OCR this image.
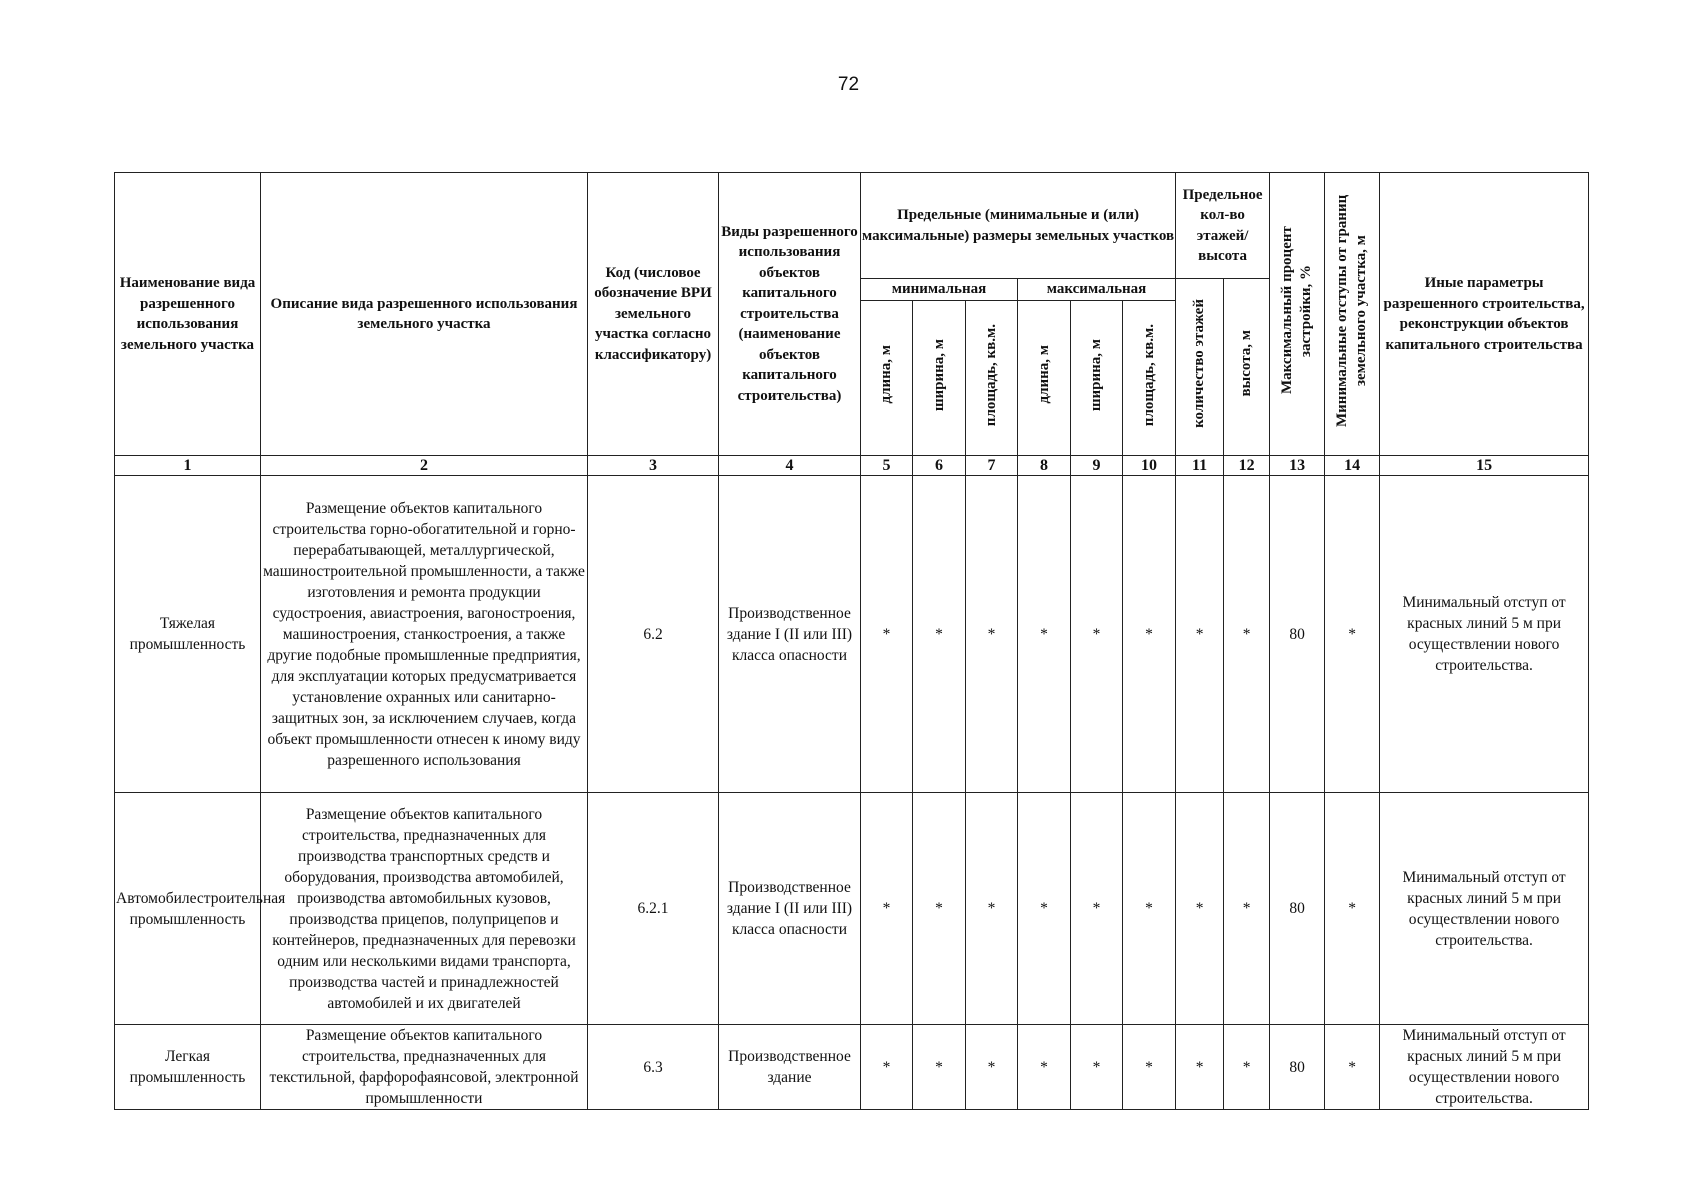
72
Наименование вида разрешенного использования земельного участка	Описание вида разрешенного использования земельного участка	Код (числовое обозначение ВРИ земельного участка согласно классификатору)	Виды разрешенного использования объектов капитального строительства (наименование объектов капитального строительства)	Предельные (минимальные и (или) максимальные) размеры земельных участков						Предельное кол-во этажей/ высота		Максимальный процент застройки, %	Минимальные отступы от границ земельного участка, м	Иные параметры разрешенного строительства, реконструкции объектов капитального строительства
				минимальная			максимальная			количество этажей	высота, м			
				длина, м	ширина, м	площадь, кв.м.	длина, м	ширина, м	площадь, кв.м.					
1	2	3	4	5	6	7	8	9	10	11	12	13	14	15
Тяжелая промышленность	Размещение объектов капитального строительства горно-обогатительной и горно-перерабатывающей, металлургической, машиностроительной промышленности, а также изготовления и ремонта продукции судостроения, авиастроения, вагоностроения, машиностроения, станкостроения, а также другие подобные промышленные предприятия, для эксплуатации которых предусматривается установление охранных или санитарно-защитных зон, за исключением случаев, когда объект промышленности отнесен к иному виду разрешенного использования	6.2	Производственное здание I (II или III) класса опасности	*	*	*	*	*	*	*	*	80	*	Минимальный отступ от красных линий 5 м при осуществлении нового строительства.
Автомобилестроительная промышленность	Размещение объектов капитального строительства, предназначенных для производства транспортных средств и оборудования, производства автомобилей, производства автомобильных кузовов, производства прицепов, полуприцепов и контейнеров, предназначенных для перевозки одним или несколькими видами транспорта, производства частей и принадлежностей автомобилей и их двигателей	6.2.1	Производственное здание I (II или III) класса опасности	*	*	*	*	*	*	*	*	80	*	Минимальный отступ от красных линий 5 м при осуществлении нового строительства.
Легкая промышленность	Размещение объектов капитального строительства, предназначенных для текстильной, фарфорофаянсовой, электронной промышленности	6.3	Производственное здание	*	*	*	*	*	*	*	*	80	*	Минимальный отступ от красных линий 5 м при осуществлении нового строительства.
